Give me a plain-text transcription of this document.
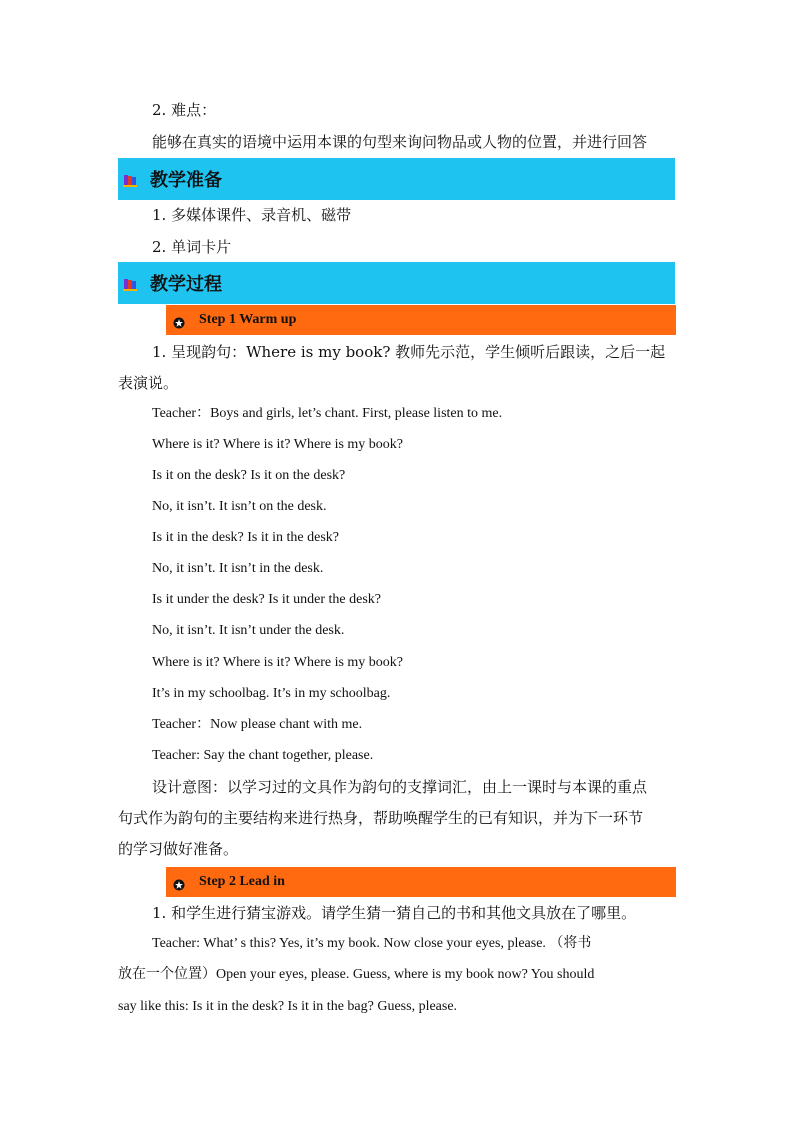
2. 难点：
能够在真实的语境中运用本课的句型来询问物品或人物的位置，并进行回答
教学准备
1. 多媒体课件、录音机、磁带
2. 单词卡片
教学过程
Step 1 Warm up
1. 呈现韵句：Where is my book? 教师先示范，学生倾听后跟读，之后一起
表演说。
Teacher：Boys and girls, let’s chant. First, please listen to me.
Where is it? Where is it? Where is my book?
Is it on the desk? Is it on the desk?
No, it isn’t. It isn’t on the desk.
Is it in the desk? Is it in the desk?
No, it isn’t. It isn’t in the desk.
Is it under the desk? Is it under the desk?
No, it isn’t. It isn’t under the desk.
Where is it? Where is it? Where is my book?
It’s in my schoolbag. It’s in my schoolbag.
Teacher：Now please chant with me.
Teacher: Say the chant together, please.
设计意图：以学习过的文具作为韵句的支撑词汇，由上一课时与本课的重点
句式作为韵句的主要结构来进行热身，帮助唤醒学生的已有知识，并为下一环节
的学习做好准备。
Step 2 Lead in
1. 和学生进行猜宝游戏。请学生猜一猜自己的书和其他文具放在了哪里。
Teacher: What’ s this? Yes, it’s my book. Now close your eyes, please. （将书
放在一个位置）Open your eyes, please. Guess, where is my book now? You should
say like this: Is it in the desk? Is it in the bag? Guess, please.
